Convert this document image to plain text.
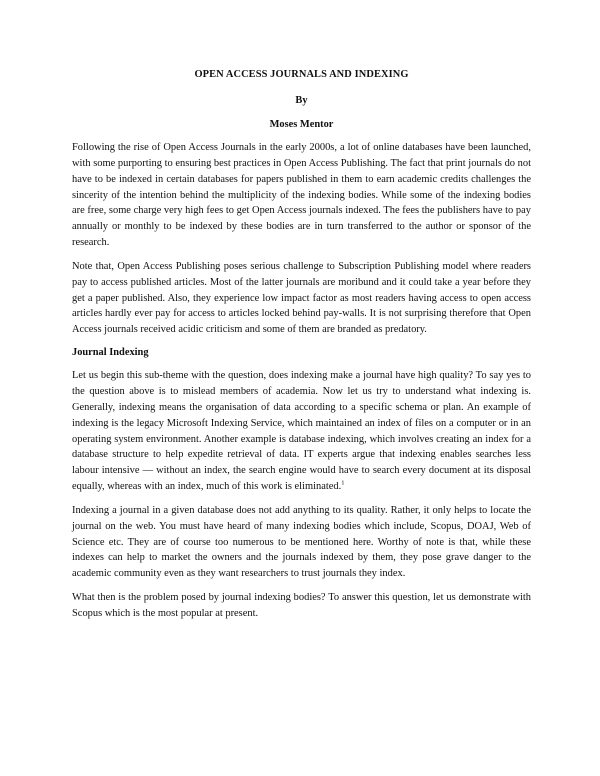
OPEN ACCESS JOURNALS AND INDEXING
By
Moses Mentor

Following the rise of Open Access Journals in the early 2000s, a lot of online databases have been launched, with some purporting to ensuring best practices in Open Access Publishing. The fact that print journals do not have to be indexed in certain databases for papers published in them to earn academic credits challenges the sincerity of the intention behind the multiplicity of the indexing bodies. While some of the indexing bodies are free, some charge very high fees to get Open Access journals indexed. The fees the publishers have to pay annually or monthly to be indexed by these bodies are in turn transferred to the author or sponsor of the research.

Note that, Open Access Publishing poses serious challenge to Subscription Publishing model where readers pay to access published articles. Most of the latter journals are moribund and it could take a year before they get a paper published. Also, they experience low impact factor as most readers having access to open access articles hardly ever pay for access to articles locked behind pay-walls. It is not surprising therefore that Open Access journals received acidic criticism and some of them are branded as predatory.

Journal Indexing

Let us begin this sub-theme with the question, does indexing make a journal have high quality? To say yes to the question above is to mislead members of academia. Now let us try to understand what indexing is. Generally, indexing means the organisation of data according to a specific schema or plan. An example of indexing is the legacy Microsoft Indexing Service, which maintained an index of files on a computer or in an operating system environment. Another example is database indexing, which involves creating an index for a database structure to help expedite retrieval of data. IT experts argue that indexing enables searches less labour intensive — without an index, the search engine would have to search every document at its disposal equally, whereas with an index, much of this work is eliminated.$^1$

Indexing a journal in a given database does not add anything to its quality. Rather, it only helps to locate the journal on the web. You must have heard of many indexing bodies which include, Scopus, DOAJ, Web of Science etc. They are of course too numerous to be mentioned here. Worthy of note is that, while these indexes can help to market the owners and the journals indexed by them, they pose grave danger to the academic community even as they want researchers to trust journals they index.

What then is the problem posed by journal indexing bodies? To answer this question, let us demonstrate with Scopus which is the most popular at present.
